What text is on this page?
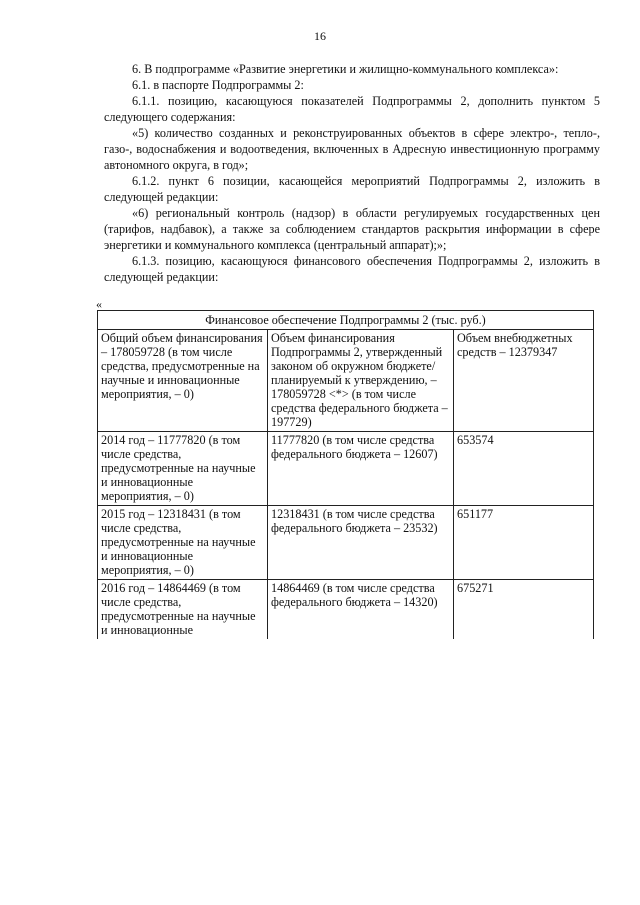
16

6. В подпрограмме «Развитие энергетики и жилищно-коммунального комплекса»:

6.1. в паспорте Подпрограммы 2:

6.1.1. позицию, касающуюся показателей Подпрограммы 2, дополнить пунктом 5 следующего содержания:

«5) количество созданных и реконструированных объектов в сфере электро-, тепло-, газо-, водоснабжения и водоотведения, включенных в Адресную инвестиционную программу автономного округа, в год»;

6.1.2. пункт 6 позиции, касающейся мероприятий Подпрограммы 2, изложить в следующей редакции:

«6) региональный контроль (надзор) в области регулируемых государственных цен (тарифов, надбавок), а также за соблюдением стандартов раскрытия информации в сфере энергетики и коммунального комплекса (центральный аппарат);»;

6.1.3. позицию, касающуюся финансового обеспечения Подпрограммы 2, изложить в следующей редакции:

«
Финансовое обеспечение Подпрограммы 2 (тыс. руб.)		
Общий объем финансирования – 178059728 (в том числе средства, предусмотренные на научные и инновационные мероприятия, – 0)	Объем финансирования Подпрограммы 2, утвержденный законом об окружном бюджете/планируемый к утверждению, – 178059728 <*> (в том числе средства федерального бюджета – 197729)	Объем внебюджетных средств – 12379347
2014 год – 11777820 (в том числе средства, предусмотренные на научные и инновационные мероприятия, – 0)	11777820 (в том числе средства федерального бюджета – 12607)	653574
2015 год – 12318431 (в том числе средства, предусмотренные на научные и инновационные мероприятия, – 0)	12318431 (в том числе средства федерального бюджета – 23532)	651177
2016 год – 14864469 (в том числе средства, предусмотренные на научные и инновационные	14864469 (в том числе средства федерального бюджета – 14320)	675271
